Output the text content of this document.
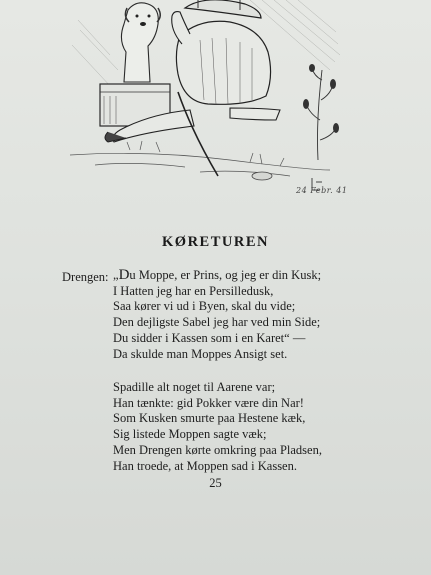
24 Febr. 41
KØRETUREN
Drengen: „Du Moppe, er Prins, og jeg er din Kusk;
I Hatten jeg har en Persilledusk,
Saa kører vi ud i Byen, skal du vide;
Den dejligste Sabel jeg har ved min Side;
Du sidder i Kassen som i en Karet“ —
Da skulde man Moppes Ansigt set.
Spadille alt noget til Aarene var;
Han tænkte: gid Pokker være din Nar!
Som Kusken smurte paa Hestene kæk,
Sig listede Moppen sagte væk;
Men Drengen kørte omkring paa Pladsen,
Han troede, at Moppen sad i Kassen.
25
